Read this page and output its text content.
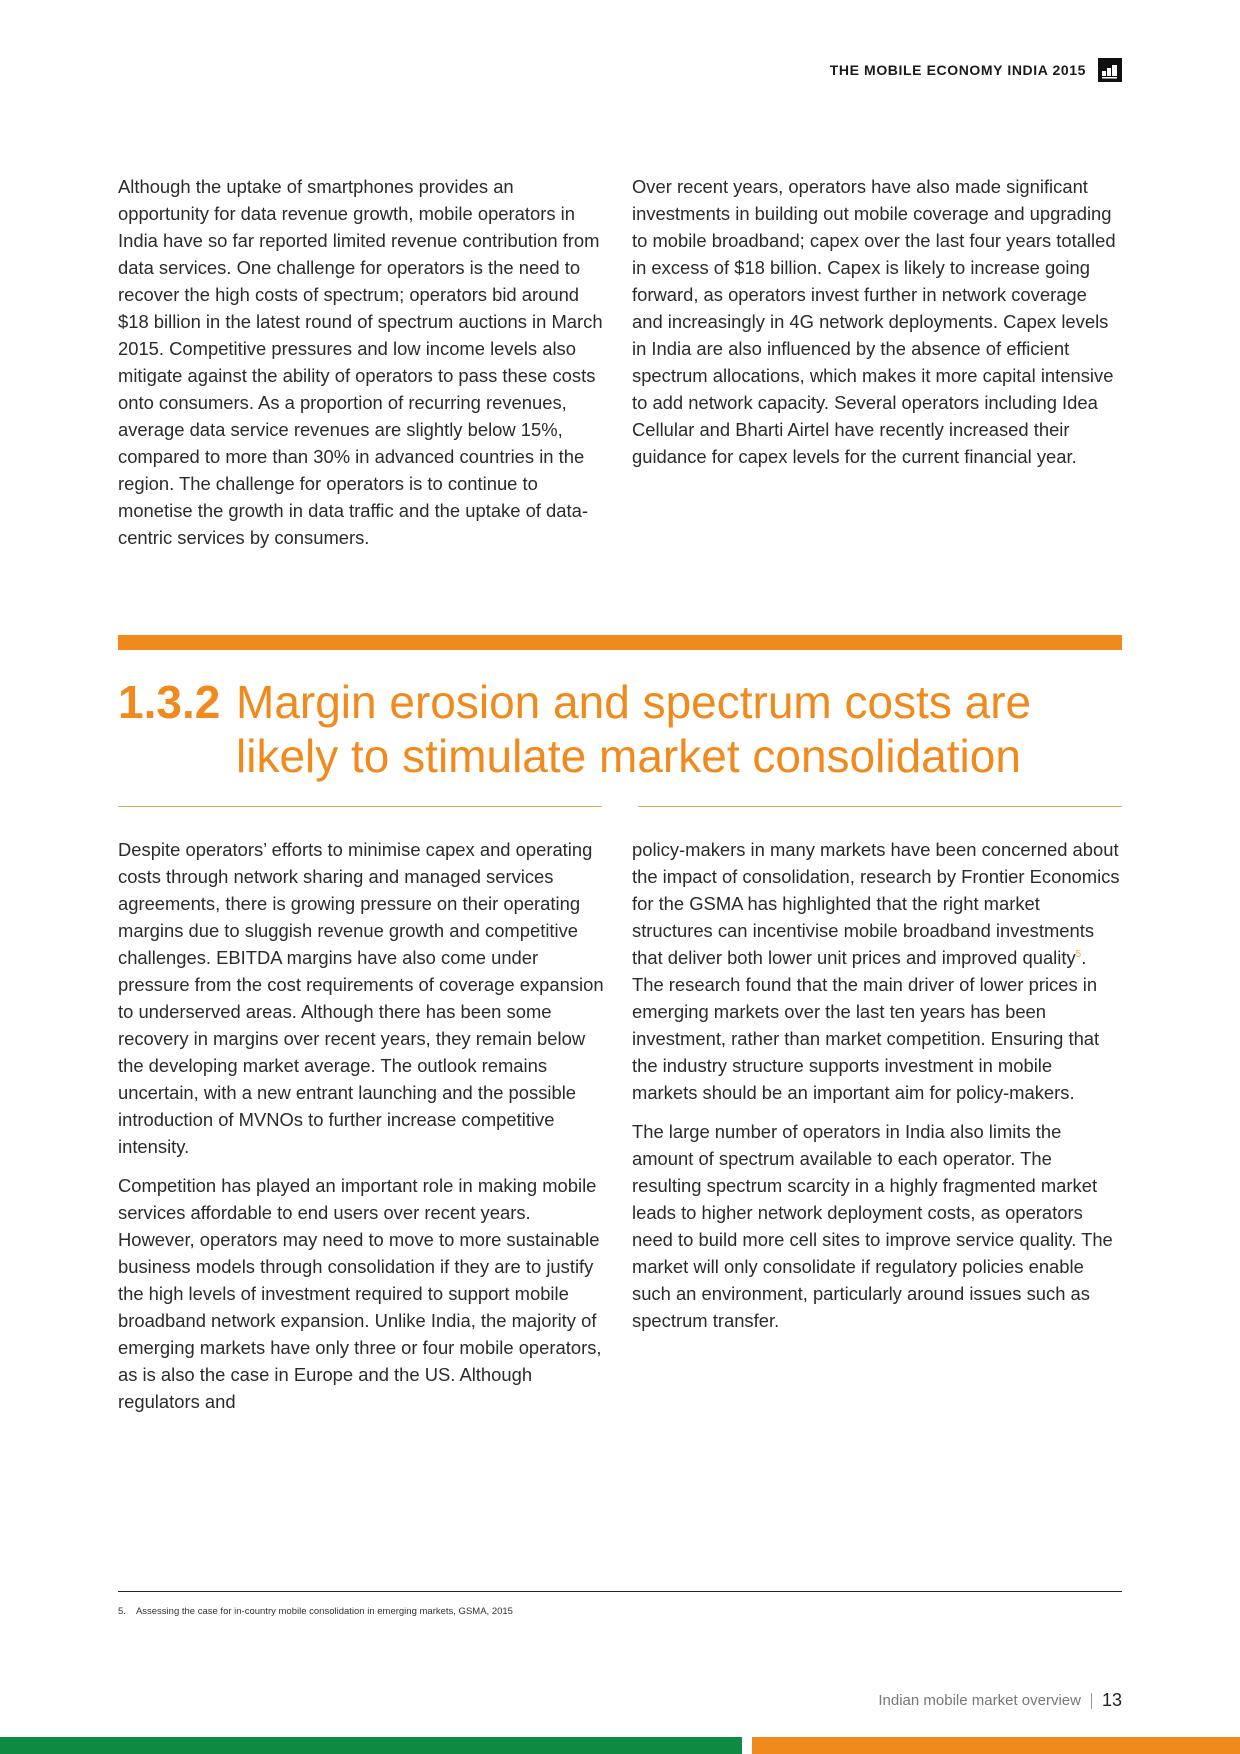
THE MOBILE ECONOMY INDIA 2015

Although the uptake of smartphones provides an opportunity for data revenue growth, mobile operators in India have so far reported limited revenue contribution from data services. One challenge for operators is the need to recover the high costs of spectrum; operators bid around $18 billion in the latest round of spectrum auctions in March 2015. Competitive pressures and low income levels also mitigate against the ability of operators to pass these costs onto consumers. As a proportion of recurring revenues, average data service revenues are slightly below 15%, compared to more than 30% in advanced countries in the region. The challenge for operators is to continue to monetise the growth in data traffic and the uptake of data-centric services by consumers.

Over recent years, operators have also made significant investments in building out mobile coverage and upgrading to mobile broadband; capex over the last four years totalled in excess of $18 billion. Capex is likely to increase going forward, as operators invest further in network coverage and increasingly in 4G network deployments. Capex levels in India are also influenced by the absence of efficient spectrum allocations, which makes it more capital intensive to add network capacity. Several operators including Idea Cellular and Bharti Airtel have recently increased their guidance for capex levels for the current financial year.

1.3.2 Margin erosion and spectrum costs are likely to stimulate market consolidation

Despite operators’ efforts to minimise capex and operating costs through network sharing and managed services agreements, there is growing pressure on their operating margins due to sluggish revenue growth and competitive challenges. EBITDA margins have also come under pressure from the cost requirements of coverage expansion to underserved areas. Although there has been some recovery in margins over recent years, they remain below the developing market average. The outlook remains uncertain, with a new entrant launching and the possible introduction of MVNOs to further increase competitive intensity.

Competition has played an important role in making mobile services affordable to end users over recent years. However, operators may need to move to more sustainable business models through consolidation if they are to justify the high levels of investment required to support mobile broadband network expansion. Unlike India, the majority of emerging markets have only three or four mobile operators, as is also the case in Europe and the US. Although regulators and

policy-makers in many markets have been concerned about the impact of consolidation, research by Frontier Economics for the GSMA has highlighted that the right market structures can incentivise mobile broadband investments that deliver both lower unit prices and improved quality$^5$. The research found that the main driver of lower prices in emerging markets over the last ten years has been investment, rather than market competition. Ensuring that the industry structure supports investment in mobile markets should be an important aim for policy-makers.

The large number of operators in India also limits the amount of spectrum available to each operator. The resulting spectrum scarcity in a highly fragmented market leads to higher network deployment costs, as operators need to build more cell sites to improve service quality. The market will only consolidate if regulatory policies enable such an environment, particularly around issues such as spectrum transfer.

5. Assessing the case for in-country mobile consolidation in emerging markets, GSMA, 2015
Indian mobile market overview 13
